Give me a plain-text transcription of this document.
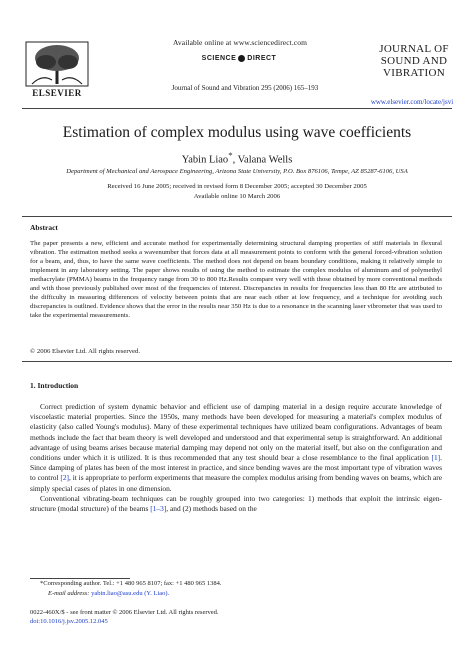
Available online at www.sciencedirect.com
SCIENCE DIRECT
Journal of Sound and Vibration 295 (2006) 165–193
ELSEVIER
JOURNAL OF
SOUND AND
VIBRATION
www.elsevier.com/locate/jsvi
Estimation of complex modulus using wave coefficients
Yabin Liao*, Valana Wells
Department of Mechanical and Aerospace Engineering, Arizona State University, P.O. Box 876106, Tempe, AZ 85287-6106, USA
Received 16 June 2005; received in revised form 8 December 2005; accepted 30 December 2005
Available online 10 March 2006
Abstract
The paper presents a new, efficient and accurate method for experimentally determining structural damping properties of stiff materials in flexural vibration. The estimation method seeks a wavenumber that forces data at all measurement points to conform with the general forced-vibration solution for a beam, and, thus, to have the same wave coefficients. The method does not depend on beam boundary conditions, making it relatively simple to implement in any laboratory setting. The paper shows results of using the method to estimate the complex modulus of aluminum and of polymethyl methacrylate (PMMA) beams in the frequency range from 30 to 800 Hz.Results compare very well with those obtained by more conventional methods and with those previously published over most of the frequencies of interest. Discrepancies in results for frequencies less than 80 Hz are attributed to the difficulty in measuring differences of velocity between points that are near each other at low frequency, and a technique for avoiding such discrepancies is outlined. Evidence shows that the error in the results near 350 Hz is due to a resonance in the scanning laser vibrometer that was used to take the experimental measurements.
© 2006 Elsevier Ltd. All rights reserved.
1. Introduction

Correct prediction of system dynamic behavior and efficient use of damping material in a design require accurate knowledge of viscoelastic material properties. Since the 1950s, many methods have been developed for measuring a material's complex modulus of elasticity (also called Young's modulus). Many of these experimental techniques have utilized beam configurations. Advantages of beam methods include the fact that beam theory is well developed and understood and that experimental setup is straightforward. An additional advantage of using beams arises because material damping may depend not only on the material itself, but also on the configuration and conditions under which it is utilized. It is thus recommended that any test should bear a close resemblance to the final application [1]. Since damping of plates has been of the most interest in practice, and since bending waves are the most important type of vibration waves to control [2], it is appropriate to perform experiments that measure the complex modulus arising from bending waves on beams, which are simply special cases of plates in one dimension.

Conventional vibrating-beam techniques can be roughly grouped into two categories: 1) methods that exploit the intrinsic eigen-structure (modal structure) of the beams [1–3], and (2) methods based on the

*Corresponding author. Tel.: +1 480 965 8107; fax: +1 480 965 1384.
E-mail address: yabin.liao@asu.edu (Y. Liao).
0022-460X/$ - see front matter © 2006 Elsevier Ltd. All rights reserved.
doi:10.1016/j.jsv.2005.12.045
